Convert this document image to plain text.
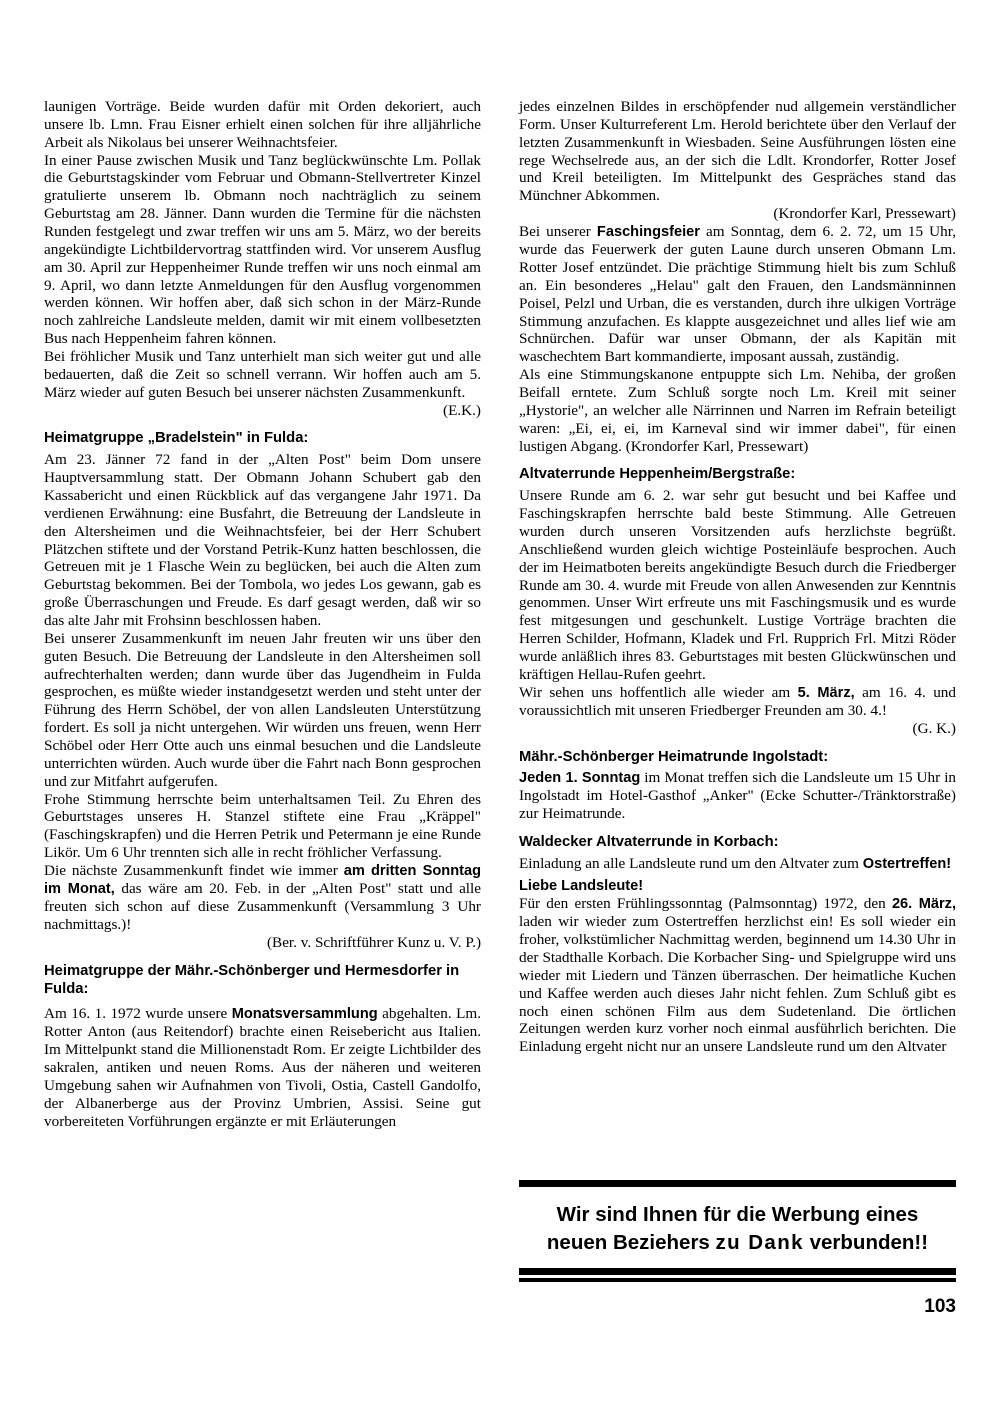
launigen Vorträge. Beide wurden dafür mit Orden dekoriert, auch unsere lb. Lmn. Frau Eisner erhielt einen solchen für ihre alljährliche Arbeit als Nikolaus bei unserer Weihnachtsfeier.

In einer Pause zwischen Musik und Tanz beglückwünschte Lm. Pollak die Geburtstagskinder vom Februar und Obmann-Stellvertreter Kinzel gratulierte unserem lb. Obmann noch nachträglich zu seinem Geburtstag am 28. Jänner. Dann wurden die Termine für die nächsten Runden festgelegt und zwar treffen wir uns am 5. März, wo der bereits angekündigte Lichtbildervortrag stattfinden wird. Vor unserem Ausflug am 30. April zur Heppenheimer Runde treffen wir uns noch einmal am 9. April, wo dann letzte Anmeldungen für den Ausflug vorgenommen werden können. Wir hoffen aber, daß sich schon in der März-Runde noch zahlreiche Landsleute melden, damit wir mit einem vollbesetzten Bus nach Heppenheim fahren können.

Bei fröhlicher Musik und Tanz unterhielt man sich weiter gut und alle bedauerten, daß die Zeit so schnell verrann. Wir hoffen auch am 5. März wieder auf guten Besuch bei unserer nächsten Zusammenkunft.

(E.K.)

Heimatgruppe „Bradelstein" in Fulda:

Am 23. Jänner 72 fand in der „Alten Post" beim Dom unsere Hauptversammlung statt. Der Obmann Johann Schubert gab den Kassabericht und einen Rückblick auf das vergangene Jahr 1971. Da verdienen Erwähnung: eine Busfahrt, die Betreuung der Landsleute in den Altersheimen und die Weihnachtsfeier, bei der Herr Schubert Plätzchen stiftete und der Vorstand Petrik-Kunz hatten beschlossen, die Getreuen mit je 1 Flasche Wein zu beglücken, bei auch die Alten zum Geburtstag bekommen. Bei der Tombola, wo jedes Los gewann, gab es große Überraschungen und Freude. Es darf gesagt werden, daß wir so das alte Jahr mit Frohsinn beschlossen haben.

Bei unserer Zusammenkunft im neuen Jahr freuten wir uns über den guten Besuch. Die Betreuung der Landsleute in den Altersheimen soll aufrechterhalten werden; dann wurde über das Jugendheim in Fulda gesprochen, es müßte wieder instandgesetzt werden und steht unter der Führung des Herrn Schöbel, der von allen Landsleuten Unterstützung fordert. Es soll ja nicht untergehen. Wir würden uns freuen, wenn Herr Schöbel oder Herr Otte auch uns einmal besuchen und die Landsleute unterrichten würden. Auch wurde über die Fahrt nach Bonn gesprochen und zur Mitfahrt aufgerufen.

Frohe Stimmung herrschte beim unterhaltsamen Teil. Zu Ehren des Geburtstages unseres H. Stanzel stiftete eine Frau „Kräppel" (Faschingskrapfen) und die Herren Petrik und Petermann je eine Runde Likör. Um 6 Uhr trennten sich alle in recht fröhlicher Verfassung.

Die nächste Zusammenkunft findet wie immer am dritten Sonntag im Monat, das wäre am 20. Feb. in der „Alten Post" statt und alle freuten sich schon auf diese Zusammenkunft (Versammlung 3 Uhr nachmittags.)!

(Ber. v. Schriftführer Kunz u. V. P.)

Heimatgruppe der Mähr.-Schönberger und Hermesdorfer in Fulda:

Am 16. 1. 1972 wurde unsere Monatsversammlung abgehalten. Lm. Rotter Anton (aus Reitendorf) brachte einen Reisebericht aus Italien. Im Mittelpunkt stand die Millionenstadt Rom. Er zeigte Lichtbilder des sakralen, antiken und neuen Roms. Aus der näheren und weiteren Umgebung sahen wir Aufnahmen von Tivoli, Ostia, Castell Gandolfo, der Albanerberge aus der Provinz Umbrien, Assisi. Seine gut vorbereiteten Vorführungen ergänzte er mit Erläuterungen

jedes einzelnen Bildes in erschöpfender nud allgemein verständlicher Form. Unser Kulturreferent Lm. Herold berichtete über den Verlauf der letzten Zusammenkunft in Wiesbaden. Seine Ausführungen lösten eine rege Wechselrede aus, an der sich die Ldlt. Krondorfer, Rotter Josef und Kreil beteiligten. Im Mittelpunkt des Gespräches stand das Münchner Abkommen.

(Krondorfer Karl, Pressewart)

Bei unserer Faschingsfeier am Sonntag, dem 6. 2. 72, um 15 Uhr, wurde das Feuerwerk der guten Laune durch unseren Obmann Lm. Rotter Josef entzündet. Die prächtige Stimmung hielt bis zum Schluß an. Ein besonderes „Helau" galt den Frauen, den Landsmänninnen Poisel, Pelzl und Urban, die es verstanden, durch ihre ulkigen Vorträge Stimmung anzufachen. Es klappte ausgezeichnet und alles lief wie am Schnürchen. Dafür war unser Obmann, der als Kapitän mit waschechtem Bart kommandierte, imposant aussah, zuständig.

Als eine Stimmungskanone entpuppte sich Lm. Nehiba, der großen Beifall erntete. Zum Schluß sorgte noch Lm. Kreil mit seiner „Hystorie", an welcher alle Närrinnen und Narren im Refrain beteiligt waren: „Ei, ei, ei, im Karneval sind wir immer dabei", für einen lustigen Abgang. (Krondorfer Karl, Pressewart)

Altvaterrunde Heppenheim/Bergstraße:

Unsere Runde am 6. 2. war sehr gut besucht und bei Kaffee und Faschingskrapfen herrschte bald beste Stimmung. Alle Getreuen wurden durch unseren Vorsitzenden aufs herzlichste begrüßt. Anschließend wurden gleich wichtige Posteinläufe besprochen. Auch der im Heimatboten bereits angekündigte Besuch durch die Friedberger Runde am 30. 4. wurde mit Freude von allen Anwesenden zur Kenntnis genommen. Unser Wirt erfreute uns mit Faschingsmusik und es wurde fest mitgesungen und geschunkelt. Lustige Vorträge brachten die Herren Schilder, Hofmann, Kladek und Frl. Rupprich Frl. Mitzi Röder wurde anläßlich ihres 83. Geburtstages mit besten Glückwünschen und kräftigen Hellau-Rufen geehrt.

Wir sehen uns hoffentlich alle wieder am 5. März, am 16. 4. und voraussichtlich mit unseren Friedberger Freunden am 30. 4.!

(G. K.)

Mähr.-Schönberger Heimatrunde Ingolstadt:

Jeden 1. Sonntag im Monat treffen sich die Landsleute um 15 Uhr in Ingolstadt im Hotel-Gasthof „Anker" (Ecke Schutter-/Tränktorstraße) zur Heimatrunde.

Waldecker Altvaterrunde in Korbach:

Einladung an alle Landsleute rund um den Altvater zum Ostertreffen!

Liebe Landsleute!

Für den ersten Frühlingssonntag (Palmsonntag) 1972, den 26. März, laden wir wieder zum Ostertreffen herzlichst ein! Es soll wieder ein froher, volkstümlicher Nachmittag werden, beginnend um 14.30 Uhr in der Stadthalle Korbach. Die Korbacher Sing- und Spielgruppe wird uns wieder mit Liedern und Tänzen überraschen. Der heimatliche Kuchen und Kaffee werden auch dieses Jahr nicht fehlen. Zum Schluß gibt es noch einen schönen Film aus dem Sudetenland. Die örtlichen Zeitungen werden kurz vorher noch einmal ausführlich berichten. Die Einladung ergeht nicht nur an unsere Landsleute rund um den Altvater

Wir sind Ihnen für die Werbung eines
neuen Beziehers zu Dank verbunden!!
103
